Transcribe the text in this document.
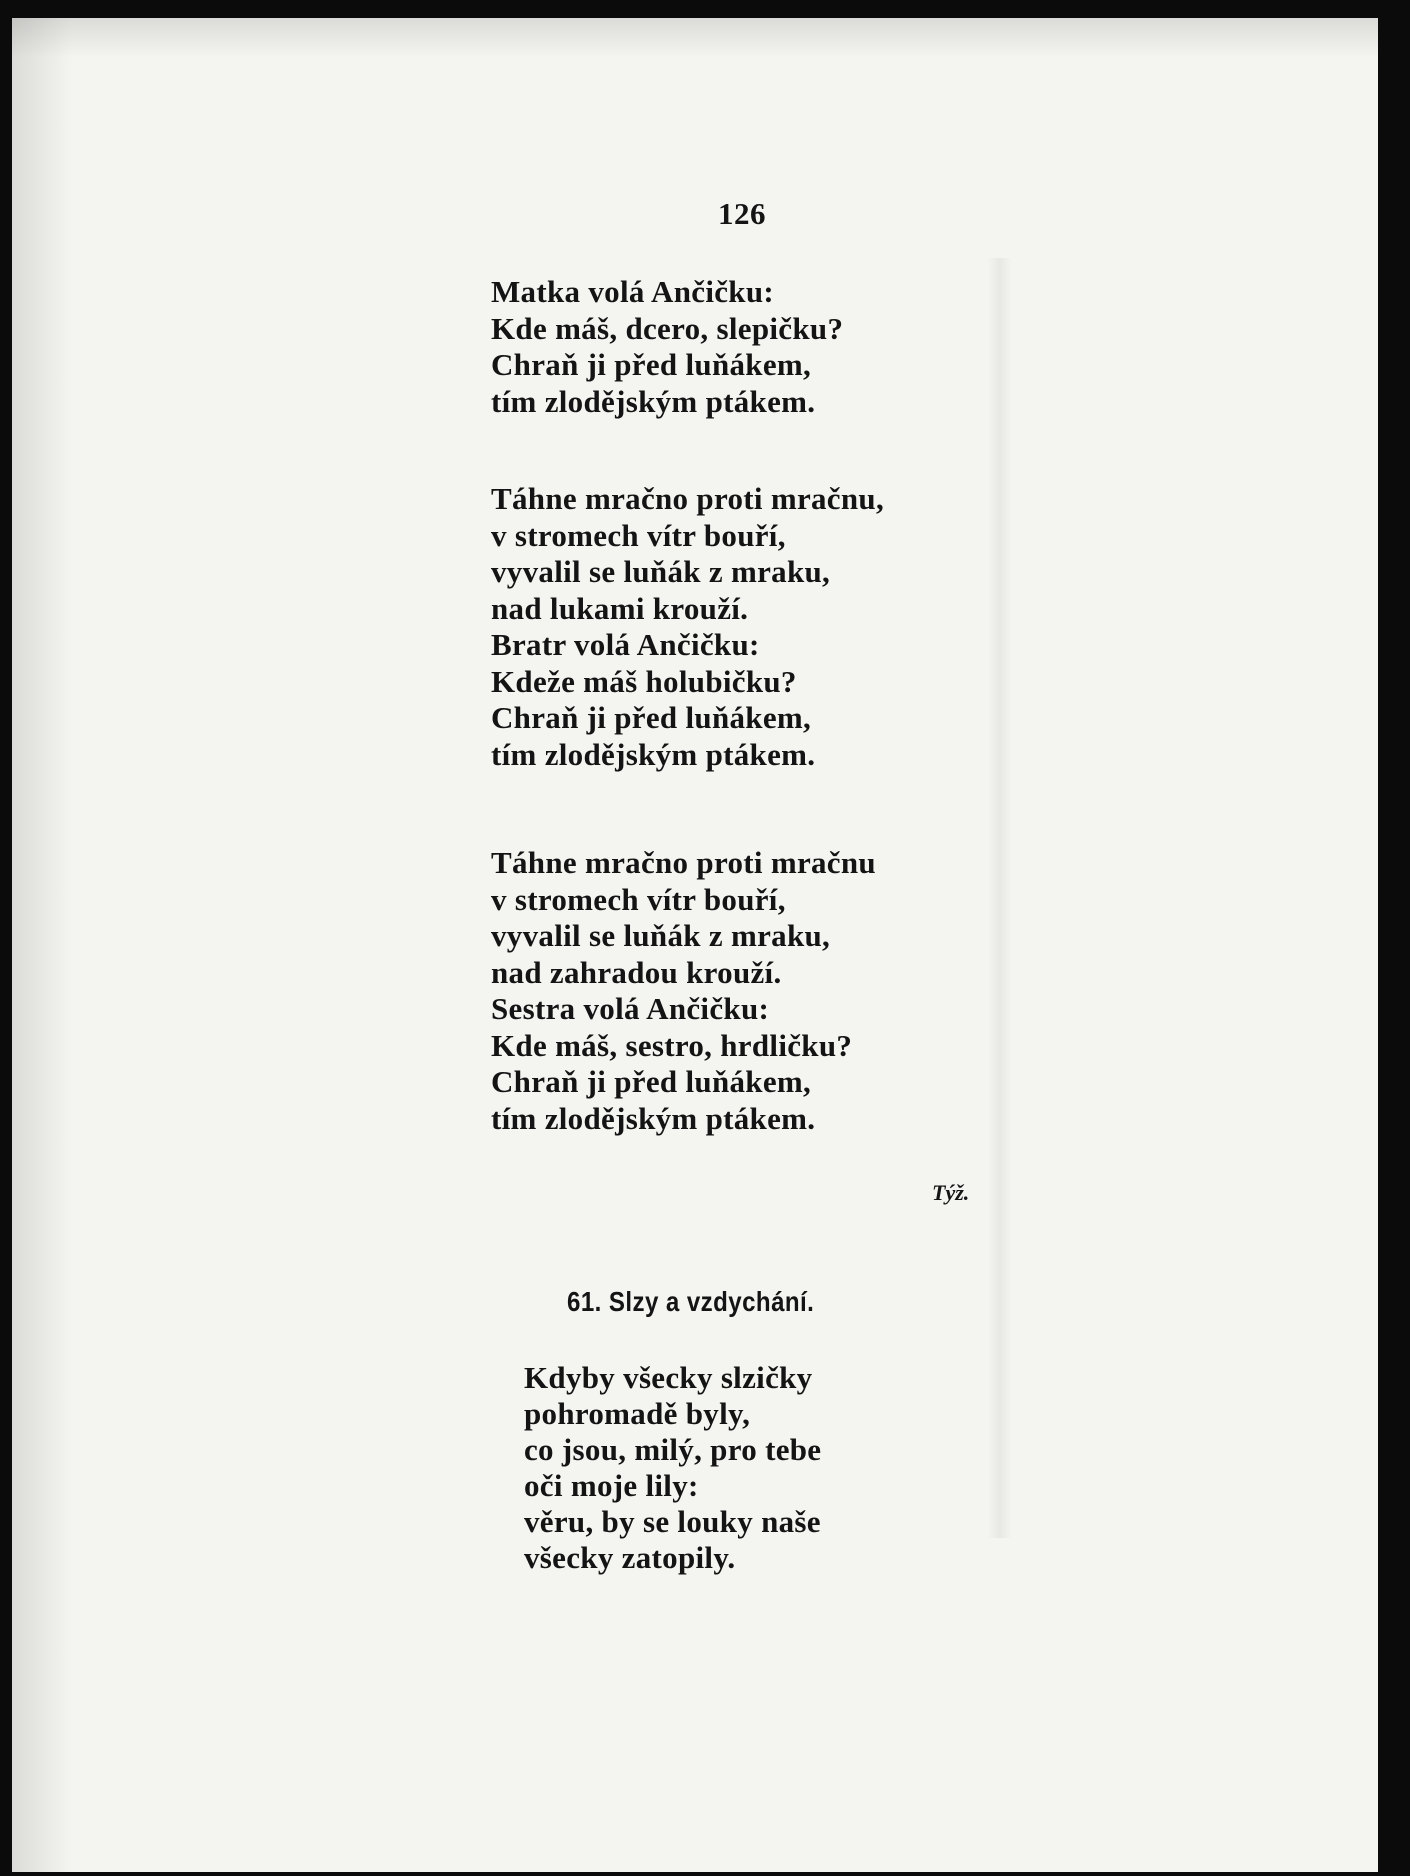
126
Matka volá Ančičku:
Kde máš, dcero, slepičku?
Chraň ji před luňákem,
tím zlodějským ptákem.
Táhne mračno proti mračnu,
v stromech vítr bouří,
vyvalil se luňák z mraku,
nad lukami krouží.
Bratr volá Ančičku:
Kdeže máš holubičku?
Chraň ji před luňákem,
tím zlodějským ptákem.
Táhne mračno proti mračnu
v stromech vítr bouří,
vyvalil se luňák z mraku,
nad zahradou krouží.
Sestra volá Ančičku:
Kde máš, sestro, hrdličku?
Chraň ji před luňákem,
tím zlodějským ptákem.
Týž.
61. Slzy a vzdychání.
Kdyby všecky slzičky
pohromadě byly,
co jsou, milý, pro tebe
oči moje lily:
věru, by se louky naše
všecky zatopily.
